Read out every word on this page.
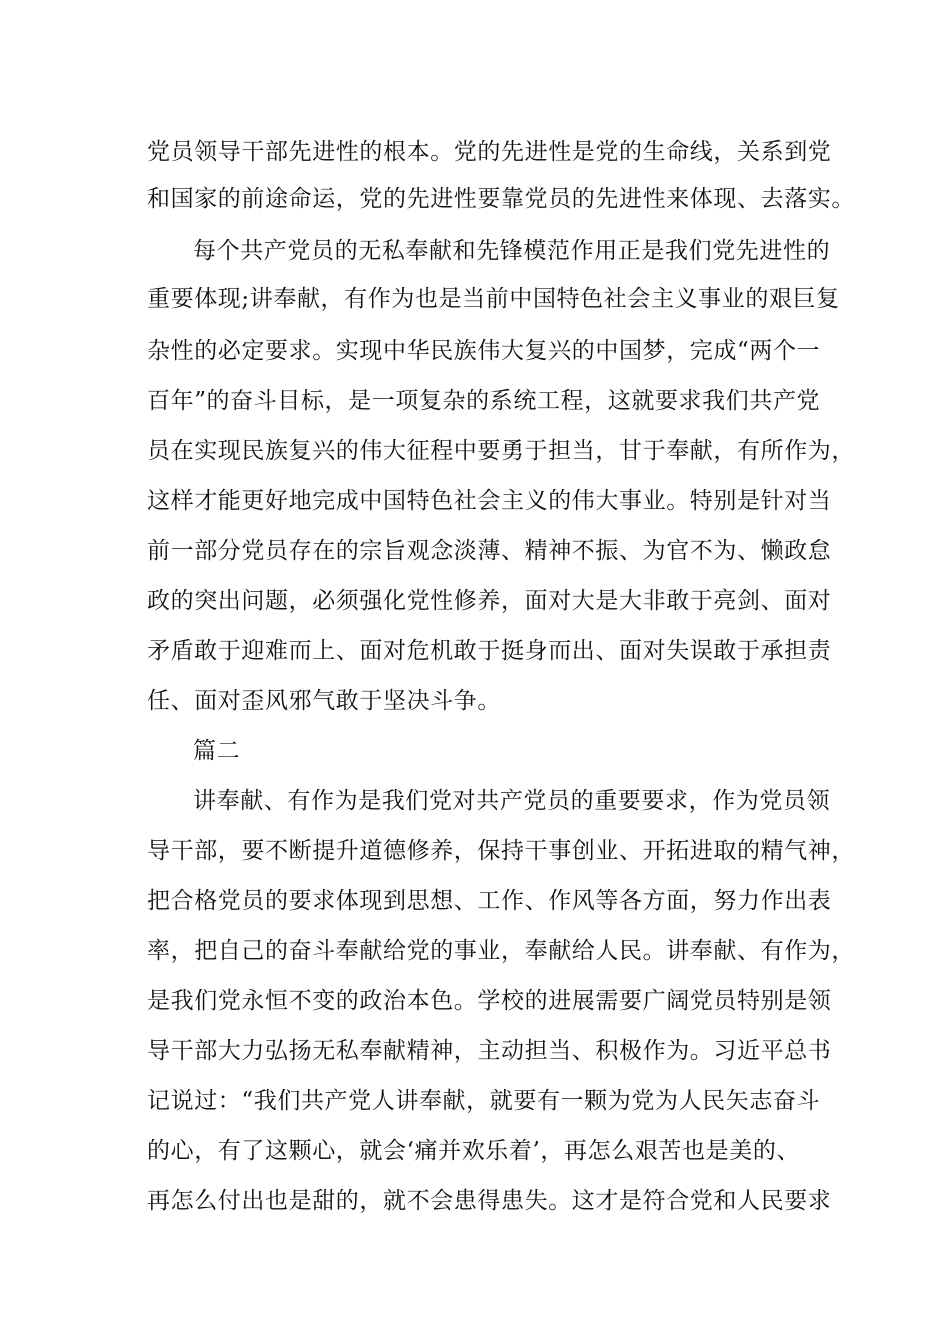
党员领导干部先进性的根本。党的先进性是党的生命线，关系到党
和国家的前途命运，党的先进性要靠党员的先进性来体现、去落实。
每个共产党员的无私奉献和先锋模范作用正是我们党先进性的
重要体现;讲奉献，有作为也是当前中国特色社会主义事业的艰巨复
杂性的必定要求。实现中华民族伟大复兴的中国梦，完成“两个一
百年”的奋斗目标，是一项复杂的系统工程，这就要求我们共产党
员在实现民族复兴的伟大征程中要勇于担当，甘于奉献，有所作为，
这样才能更好地完成中国特色社会主义的伟大事业。特别是针对当
前一部分党员存在的宗旨观念淡薄、精神不振、为官不为、懒政怠
政的突出问题，必须强化党性修养，面对大是大非敢于亮剑、面对
矛盾敢于迎难而上、面对危机敢于挺身而出、面对失误敢于承担责
任、面对歪风邪气敢于坚决斗争。
篇二
讲奉献、有作为是我们党对共产党员的重要要求，作为党员领
导干部，要不断提升道德修养，保持干事创业、开拓进取的精气神，
把合格党员的要求体现到思想、工作、作风等各方面，努力作出表
率，把自己的奋斗奉献给党的事业，奉献给人民。讲奉献、有作为，
是我们党永恒不变的政治本色。学校的进展需要广阔党员特别是领
导干部大力弘扬无私奉献精神，主动担当、积极作为。习近平总书
记说过：“我们共产党人讲奉献，就要有一颗为党为人民矢志奋斗
的心，有了这颗心，就会‘痛并欢乐着’，再怎么艰苦也是美的、
再怎么付出也是甜的，就不会患得患失。这才是符合党和人民要求
